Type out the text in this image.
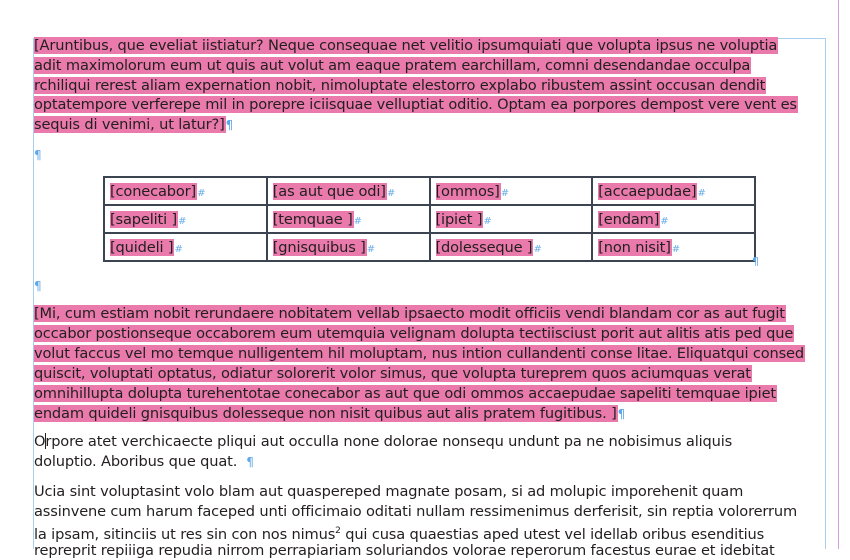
[Aruntibus, que eveliat iistiatur? Neque consequae net velitio ipsumquiati que volupta ipsus ne voluptia
adit maximolorum eum ut quis aut volut am eaque pratem earchillam, comni desendandae occulpa
rchiliqui rerest aliam expernation nobit, nimoluptate elestorro explabo ribustem assint occusan dendit
optatempore verferepe mil in porepre iciisquae velluptiat oditio. Optam ea porpores dempost vere vent es
sequis di venimi, ut latur?]¶
¶
[conecabor]#	[as aut que odi]#	[ommos]#	[accaepudae]#
[sapeliti ]#	[temquae ]#	[ipiet ]#	[endam]#
[quideli ]#	[gnisquibus ]#	[dolesseque ]#	[non nisit]#
¶
¶
[Mi, cum estiam nobit rerundaere nobitatem vellab ipsaecto modit officiis vendi blandam cor as aut fugit
occabor postionseque occaborem eum utemquia velignam dolupta tectiisciust porit aut alitis atis ped que
volut faccus vel mo temque nulligentem hil moluptam, nus intion cullandenti conse litae. Eliquatqui consed
quiscit, voluptati optatus, odiatur solorerit volor simus, que volupta tureprem quos aciumquas verat
omnihillupta dolupta turehentotae conecabor as aut que odi ommos accaepudae sapeliti temquae ipiet
endam quideli gnisquibus dolesseque non nisit quibus aut alis pratem fugitibus. ]¶
Orpore atet verchicaecte pliqui aut occulla none dolorae nonsequ undunt pa ne nobisimus aliquis
doluptio. Aboribus que quat. ¶
Ucia sint voluptasint volo blam aut quaspereped magnate posam, si ad molupic imporehenit quam
assinvene cum harum faceped unti officimaio oditati nullam ressimenimus derferisit, sin reptia volorerrum
la ipsam, sitinciis ut res sin con nos nimus$^2$ qui cusa quaestias aped utest vel idellab oribus esenditius
repreprit repiiiga repudia nirrom perrapiariam soluriandos volorae reperorum facestus eurae et idebitat
